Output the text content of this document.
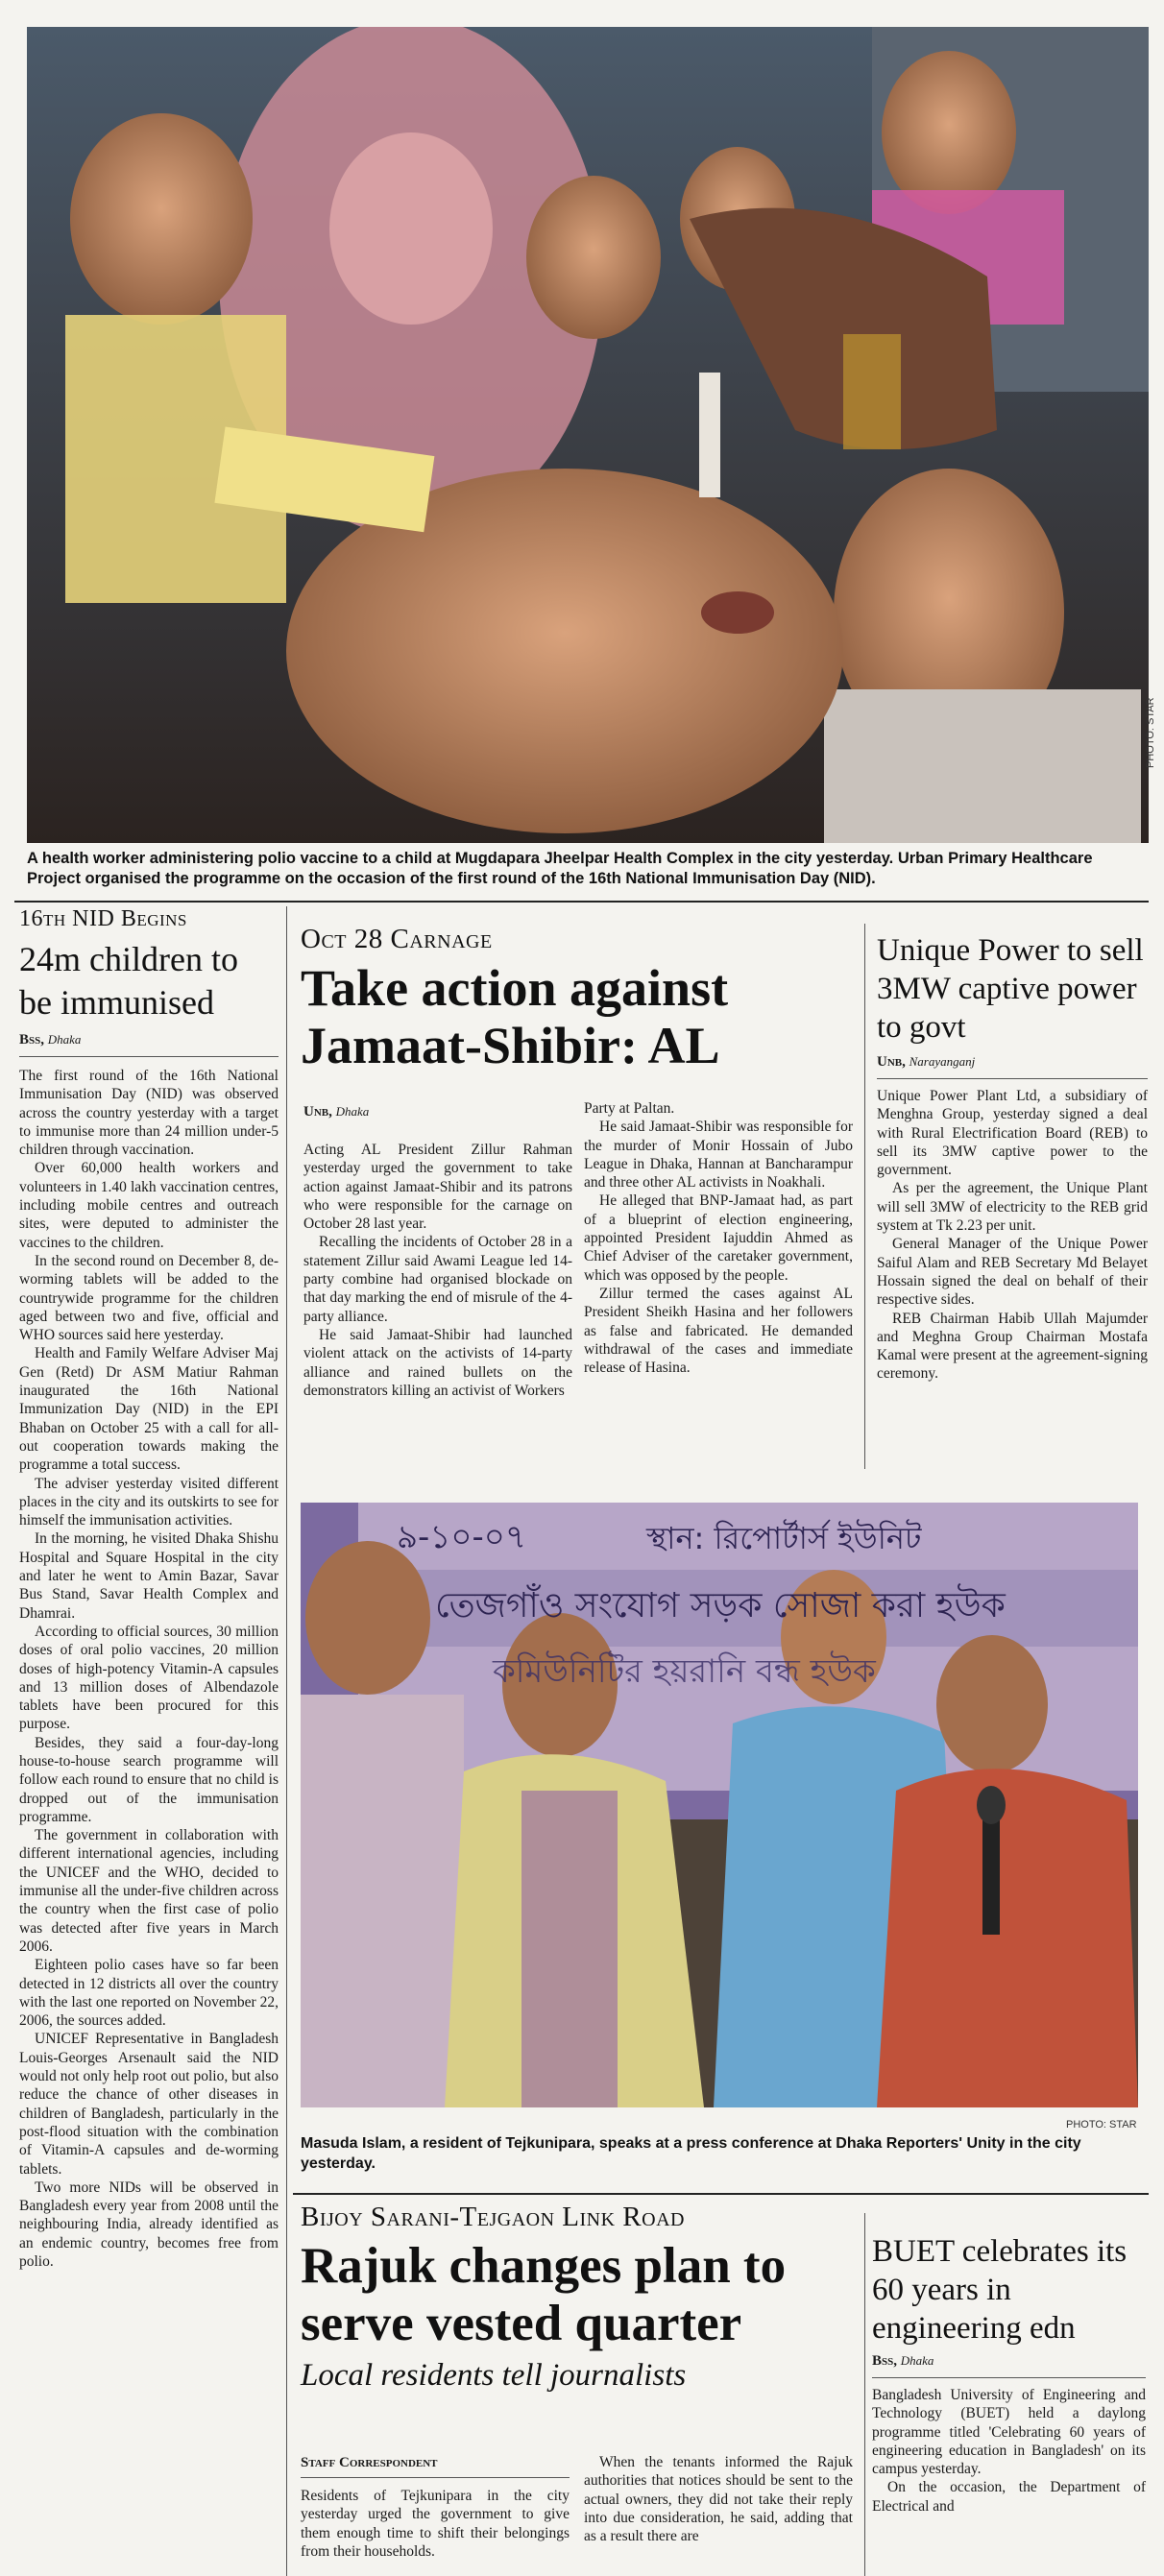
PHOTO: STAR
A health worker administering polio vaccine to a child at Mugdapara Jheelpar Health Complex in the city yesterday. Urban Primary Healthcare Project organised the programme on the occasion of the first round of the 16th National Immunisation Day (NID).
16th NID Begins
24m children to be immunised
Bss, Dhaka

The first round of the 16th National Immunisation Day (NID) was observed across the country yesterday with a target to immunise more than 24 million under-5 children through vaccination.

Over 60,000 health workers and volunteers in 1.40 lakh vaccination centres, including mobile centres and outreach sites, were deputed to administer the vaccines to the children.

In the second round on December 8, de-worming tablets will be added to the countrywide programme for the children aged between two and five, official and WHO sources said here yesterday.

Health and Family Welfare Adviser Maj Gen (Retd) Dr ASM Matiur Rahman inaugurated the 16th National Immunization Day (NID) in the EPI Bhaban on October 25 with a call for all-out cooperation towards making the programme a total success.

The adviser yesterday visited different places in the city and its outskirts to see for himself the immunisation activities.

In the morning, he visited Dhaka Shishu Hospital and Square Hospital in the city and later he went to Amin Bazar, Savar Bus Stand, Savar Health Complex and Dhamrai.

According to official sources, 30 million doses of oral polio vaccines, 20 million doses of high-potency Vitamin-A capsules and 13 million doses of Albendazole tablets have been procured for this purpose.

Besides, they said a four-day-long house-to-house search programme will follow each round to ensure that no child is dropped out of the immunisation programme.

The government in collaboration with different international agencies, including the UNICEF and the WHO, decided to immunise all the under-five children across the country when the first case of polio was detected after five years in March 2006.

Eighteen polio cases have so far been detected in 12 districts all over the country with the last one reported on November 22, 2006, the sources added.

UNICEF Representative in Bangladesh Louis-Georges Arsenault said the NID would not only help root out polio, but also reduce the chance of other diseases in children of Bangladesh, particularly in the post-flood situation with the combination of Vitamin-A capsules and de-worming tablets.

Two more NIDs will be observed in Bangladesh every year from 2008 until the neighbouring India, already identified as an endemic country, becomes free from polio.

Oct 28 Carnage
Take action against Jamaat-Shibir: AL
Unb, Dhaka

Acting AL President Zillur Rahman yesterday urged the government to take action against Jamaat-Shibir and its patrons who were responsible for the carnage on October 28 last year.

Recalling the incidents of October 28 in a statement Zillur said Awami League led 14-party combine had organised blockade on that day marking the end of misrule of the 4-party alliance.

He said Jamaat-Shibir had launched violent attack on the activists of 14-party alliance and rained bullets on the demonstrators killing an activist of Workers

Party at Paltan.

He said Jamaat-Shibir was responsible for the murder of Monir Hossain of Jubo League in Dhaka, Hannan at Bancharampur and three other AL activists in Noakhali.

He alleged that BNP-Jamaat had, as part of a blueprint of election engineering, appointed President Iajuddin Ahmed as Chief Adviser of the caretaker government, which was opposed by the people.

Zillur termed the cases against AL President Sheikh Hasina and her followers as false and fabricated. He demanded withdrawal of the cases and immediate release of Hasina.

Unique Power to sell 3MW captive power to govt
Unb, Narayanganj

Unique Power Plant Ltd, a subsidiary of Menghna Group, yesterday signed a deal with Rural Electrification Board (REB) to sell its 3MW captive power to the government.

As per the agreement, the Unique Plant will sell 3MW of electricity to the REB grid system at Tk 2.23 per unit.

General Manager of the Unique Power Saiful Alam and REB Secretary Md Belayet Hossain signed the deal on behalf of their respective sides.

REB Chairman Habib Ullah Majumder and Meghna Group Chairman Mostafa Kamal were present at the agreement-signing ceremony.

৯-১০-০৭	স্থান: রিপোর্টার্স ইউনিট
তেজগাঁও সংযোগ সড়ক সোজা করা হউক
কমিউনিটির হয়রানি বন্ধ হউক
PHOTO: STAR
Masuda Islam, a resident of Tejkunipara, speaks at a press conference at Dhaka Reporters' Unity in the city yesterday.
Bijoy Sarani-Tejgaon Link Road
Rajuk changes plan to serve vested quarter
Local residents tell journalists
Staff Correspondent

Residents of Tejkunipara in the city yesterday urged the government to give them enough time to shift their belongings from their households.

When the tenants informed the Rajuk authorities that notices should be sent to the actual owners, they did not take their reply into due consideration, he said, adding that as a result there are

BUET celebrates its 60 years in engineering edn
Bss, Dhaka

Bangladesh University of Engineering and Technology (BUET) held a daylong programme titled 'Celebrating 60 years of engineering education in Bangladesh' on its campus yesterday.

On the occasion, the Department of Electrical and
